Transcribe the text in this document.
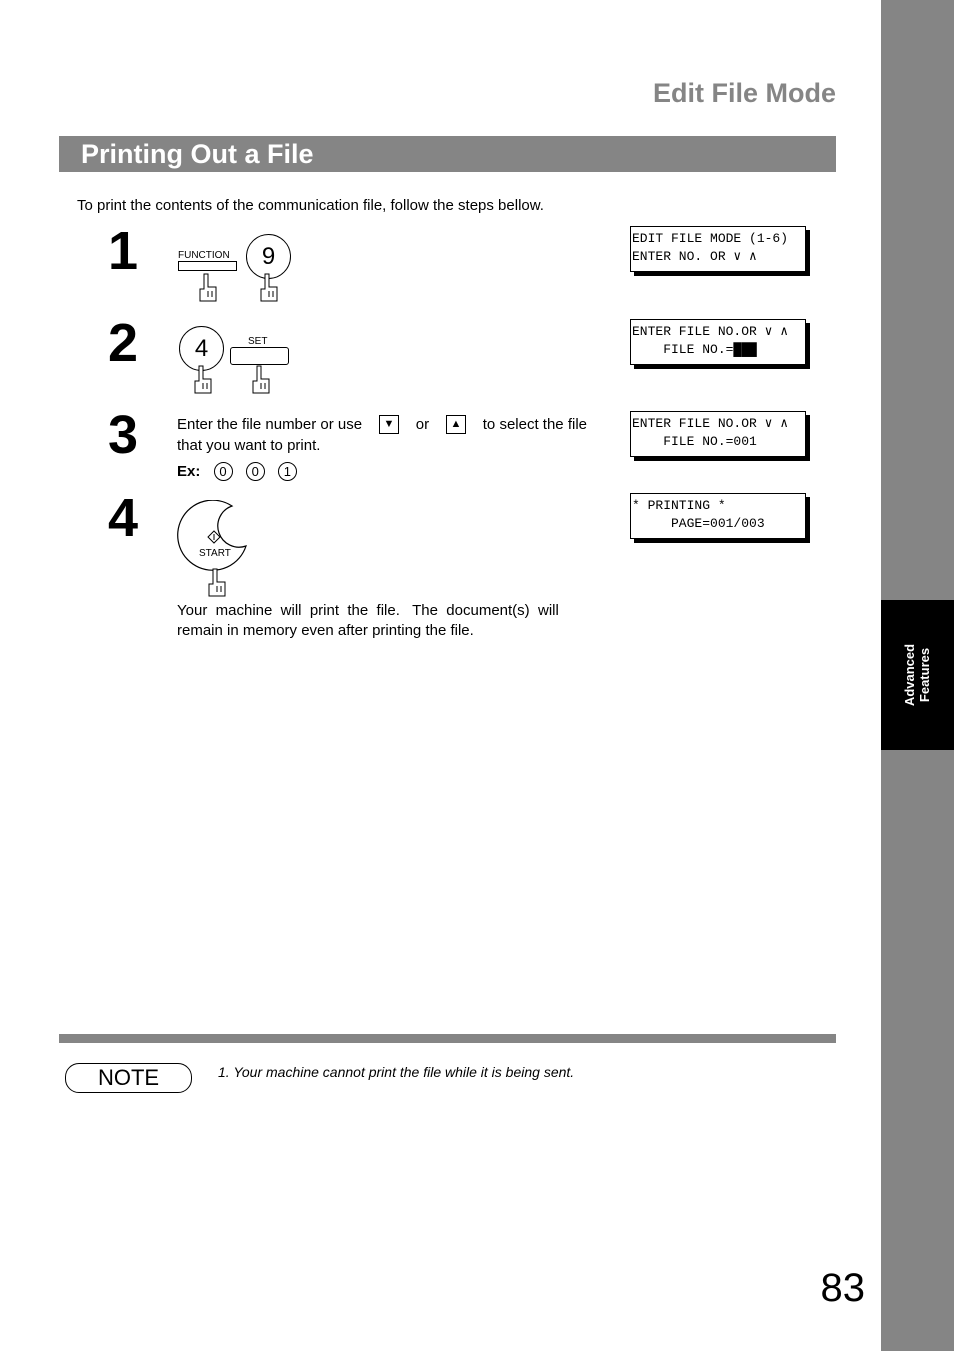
Advanced
Features
83
Edit File Mode
Printing Out a File
To print the contents of the communication file, follow the steps bellow.
1	FUNCTION	9
EDIT FILE MODE (1-6)
ENTER NO. OR ∨ ∧
2	4	SET
ENTER FILE NO.OR ∨ ∧
FILE NO.=███
3	Enter the file number or use	▼	or	▲	to select the file
that you want to print.
Ex: 0 0 1
ENTER FILE NO.OR ∨ ∧
FILE NO.=001
4
START
Your  machine  will  print  the  file.   The  document(s)  will
remain in memory even after printing the file.
* PRINTING *
PAGE=001/003
NOTE	1. Your machine cannot print the file while it is being sent.
